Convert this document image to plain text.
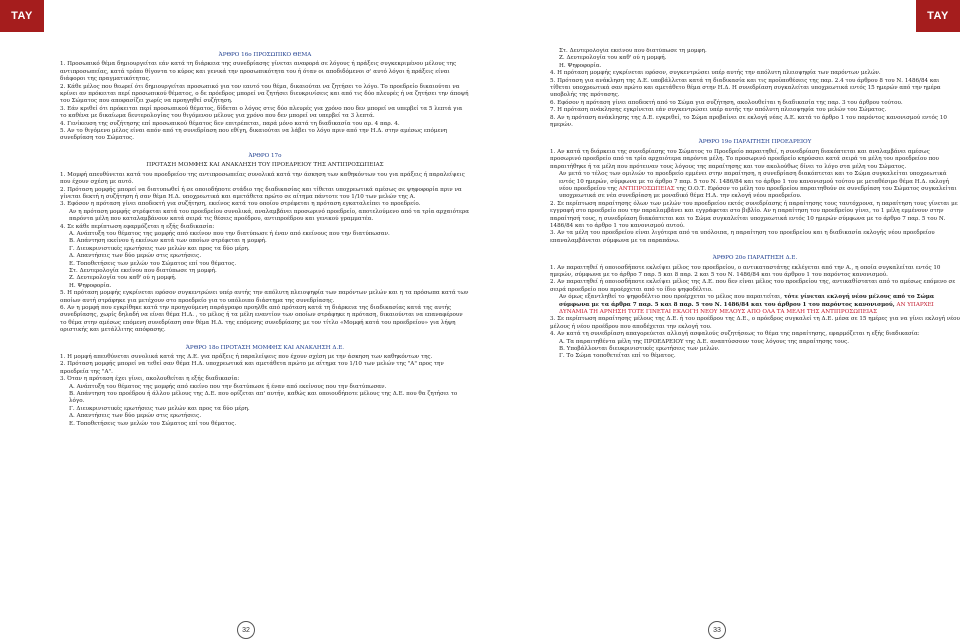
ΤΑΥ	ΤΑΥ
ΆΡΘΡΟ 16ο ΠΡΟΣΩΠΙΚΟ ΘΕΜΑ

1. Προσωπικό θέμα δημιουργείται εάν κατά τη διάρκεια της συνεδρίασης γίνεται αναφορά σε λόγους ή πράξεις συγκεκριμένου μέλους της αντιπροσωπείας, κατά τρόπο θίγοντα το κύρος και γενικά την προσωπικότητα του ή όταν οι αποδιδόμενοι σ' αυτό λόγοι ή πράξεις είναι διάφοροι της πραγματικότητας.

2. Κάθε μέλος που θεωρεί ότι δημιουργείται προσωπικό για τον εαυτό του θέμα, δικαιούται να ζητήσει το λόγο. Το προεδρείο δικαιούται να κρίνει αν πρόκειται περί προσωπικού θέματος, ο δε πρόεδρος μπορεί να ζητήσει διευκρινίσεις και από τις δύο πλευρές ή να ζητήσει την άποψή του Σώματος που αποφασίζει χωρίς να προηγηθεί συζήτηση.

3. Εάν κριθεί ότι πρόκειται περί προσωπικού θέματος, δίδεται ο λόγος στις δύο πλευρές για χρόνο που δεν μπορεί να υπερβεί τα 5 λεπτά για το καθένα με δικαίωμα δευτερολογίας του θιγόμενου μέλους για χρόνο που δεν μπορεί να υπερβεί τα 3 λεπτά.

4. Γενίκευση της συζήτησης επί προσωπικού θέματος δεν επιτρέπεται, παρά μόνο κατά τη διαδικασία του αρ. 4 παρ. 4.

5. Αν το θιγόμενο μέλος είναι απόν από τη συνεδρίαση που εθίγη, δικαιούται να λάβει το λόγο πριν από την Η.Δ. στην αμέσως επόμενη συνεδρίαση του Σώματος.

ΆΡΘΡΟ 17ο
ΠΡΟΤΑΣΗ ΜΟΜΦΗΣ ΚΑΙ ΑΝΑΚΛΗΣΗ ΤΟΥ ΠΡΟΕΔΡΕΙΟΥ ΤΗΣ ΑΝΤΙΠΡΟΣΩΠΕΙΑΣ

1. Μομφή απευθύνεται κατά του προεδρείου της αντιπροσωπείας συνολικά κατά την άσκηση των καθηκόντων του για πράξεις ή παραλείψεις που έχουν σχέση με αυτό.

2. Πρόταση μομφής μπορεί να διατυπωθεί ή σε οποιοδήποτε στάδιο της διαδικασίας και τίθεται υποχρεωτικά αμέσως σε ψηφοφορία πριν να γίνεται δεκτή η συζήτηση ή σαν θέμα Η.Δ. υποχρεωτικά και αμετάθετα πρώτο σε αίτημα πάντοτε του 1/10 των μελών της Α.

3. Εφόσον η πρόταση γίνει αποδεκτή για συζήτηση, εκείνος κατά του οποίου στρέφεται η πρόταση εγκαταλείπει το προεδρείο.

Αν η πρόταση μομφής στρέφεται κατά του προεδρείου συνολικά, αναλαμβάνει προσωρινό προεδρείο, αποτελούμενο από τα τρία αρχαιότερα παρόντα μέλη που καταλαμβάνουν κατά σειρά τις θέσεις προέδρου, αντιπροέδρου και γενικού γραμματέα.

4. Σε κάθε περίπτωση εφαρμόζεται η εξής διαδικασία:

Α. Ανάπτυξη του θέματος της μομφής από εκείνον που την διατύπωσε ή έναν από εκείνους που την διατύπωσαν.

Β. Απάντηση εκείνου ή εκείνων κατά των οποίων στρέφεται η μομφή.

Γ. Διευκρινιστικές ερωτήσεις των μελών και προς τα δύο μέρη.

Δ. Απαντήσεις των δύο μερών στις ερωτήσεις.

Ε. Τοποθετήσεις των μελών του Σώματος επί του θέματος.

Στ. Δευτερολογία εκείνου που διατύπωσε τη μομφή.

Ζ. Δευτερολογία του καθ' ού η μομφή.

Η. Ψηφοφορία.

5. Η πρόταση μομφής εγκρίνεται εφόσον συγκεντρώνει υπέρ αυτής την απόλυτη πλειοψηφία των παρόντων μελών και η τα πρόσωπα κατά των οποίων αυτή στράφηκε για μετέχουν στο προεδρείο για το υπόλοιπο διάστημα της συνεδρίασης.

6. Αν η μομφή που εγκρίθηκε κατά την προηγούμενη παράγραφο προηλθε από πρόταση κατά τη διάρκεια της διαδικασίας κατά της αυτής συνεδρίασης, χωρίς δηλαδή να είναι θέμα Η.Δ. , το μέλος ή τα μέλη εναντίον των οποίων στράφηκε η πρόταση, δικαιούνται να επαναφέρουν το θέμα στην αμέσως επόμενη συνεδρίαση σαν θέμα Η.Δ. της επόμενης συνεδρίασης με τον τίτλο «Μομφή κατά του προεδρείου» για λήψη οριστικής και μετάλλιτης απόφασης.

ΆΡΘΡΟ 18ο ΠΡΟΤΑΣΗ ΜΟΜΦΗΣ ΚΑΙ ΑΝΑΚΛΗΣΗ Δ.Ε.

1. Η μομφή απευθύνεται συνολικά κατά της Δ.Ε. για πράξεις ή παραλείψεις που έχουν σχέση με την άσκηση των καθηκόντων της.

2. Πρόταση μομφής μπορεί να τεθεί σαν θέμα Η.Δ. υποχρεωτικά και αμετάθετα πρώτο με αίτημα του 1/10 των μελών της "Α" προς την προεδρεία της "Α".

3. Όταν η πρόταση έχει γίνει, ακολουθείται η εξής διαδικασία:

Α. Ανάπτυξη του θέματος της μομφής από εκείνο που την διατύπωσε ή έναν από εκείνους που την διατύπωσαν.

Β. Απάντηση του προέδρου ή άλλου μέλους της Δ.Ε. που ορίζεται απ' αυτήν, καθώς και οποιουδήποτε μέλους της Δ.Ε. που θα ζητήσει το λόγο.

Γ. Διευκρινιστικές ερωτήσεις των μελών και προς τα δύο μέρη.

Δ. Απαντήσεις των δύο μερών στις ερωτήσεις.

Ε. Τοποθετήσεις των μελών του Σώματος επί του θέματος.

Στ. Δευτερολογία εκείνου που διατύπωσε τη μομφή.

Ζ. Δευτερολογία του καθ' ού η μομφή.

Η. Ψηφοφορία.

4. Η πρόταση μομφής εγκρίνεται εφόσον, συγκεντρώσει υπέρ αυτής την απόλυτη πλειοψηφία των παρόντων μελών.

5. Πρόταση για ανάκληση της Δ.Ε. υποβάλλεται κατά τη διαδικασία και τις προϋποθέσεις της παρ. 2.4 του άρθρου 8 του Ν. 1486/84 και τίθεται υποχρεωτικά σαν πρώτο και αμετάθετο θέμα στην Η.Δ. Η συνεδρίαση συγκαλείται υποχρεωτικά εντός 15 ημερών από την ημέρα υποβολής της πρότασης.

6. Εφόσον η πρόταση γίνει αποδεκτή από το Σώμα για συζήτηση, ακολουθείται η διαδικασία της παρ. 3 του άρθρου τούτου.

7. Η πρόταση ανάκλησης εγκρίνεται εάν συγκεντρώσει υπέρ αυτής την απόλυτη πλειοψηφία του μελών του Σώματος.

8. Αν η πρόταση ανάκλησης της Δ.Ε. εγκριθεί, το Σώμα προβαίνει σε εκλογή νέας Δ.Ε. κατά το άρθρο 1 του παρόντος κανονισμού εντός 10 ημερών.

ΆΡΘΡΟ 19ο ΠΑΡΑΙΤΗΣΗ ΠΡΟΕΔΡΕΙΟΥ

1. Αν κατά τη διάρκεια της συνεδρίασης του Σώματος το Προεδρείο παραιτηθεί, η συνεδρίαση διακόπτεται και αναλαμβάνει αμέσως προσωρινό προεδρείο από τα τρία αρχαιότερα παρόντα μέλη. Το προσωρινό προεδρείο κηρύσσει κατά σειρά τα μέλη του προεδρείου που παραιτήθηκε ή τα μέλη που πρότειναν τους λόγους της παραίτησης και τον ακολούθως δίνει το λόγο στα μέλη του Σώματος.

Αν μετά το τέλος των ομιλιών το προεδρείο εμμένει στην παραίτηση, η συνεδρίαση διακόπτεται και το Σώμα συγκαλείται υποχρεωτικά εντός 10 ημερών, σύμφωνα με το άρθρο 7 παρ. 5 του Ν. 1486/84 και το άρθρο 1 του κανονισμού τούτου με μεταθέσιμο θέμα Η.Δ. εκλογή νέου προεδρείου της ΑΝΤΙΠΡΟΣΩΠΕΙΑΣ της Ο.Ο.Τ. Εφόσον το μέλη του προεδρείου παραιτηθούν σε συνεδρίαση του Σώματος συγκαλείται υποχρεωτικά σε νέα συνεδρίαση με μοναδικό θέμα Η.Δ. την εκλογή νέου προεδρείου.

2. Σε περίπτωση παραίτησης όλων των μελών του προεδρείου εκτός συνεδρίασης ή παραίτησης τους ταυτόχρονα, η παραίτηση τους γίνεται με εγγραφή στο προεδρείο που την παραλαμβάνει και εγγράφεται στο βιβλίο. Αν η παραίτηση του προεδρείου γίνει, το 1 μέλη εμμένουν στην παραίτησή τους, η συνεδρίαση διακόπτεται και το Σώμα συγκαλείται υποχρεωτικά εντός 10 ημερών σύμφωνα με το άρθρο 7 παρ. 5 του Ν. 1486/84 και το άρθρο 1 του κανονισμού αυτού.

3. Αν τα μέλη του προεδρείου είναι λιγότερα από τα υπόλοιπα, η παραίτηση του προεδρείου και η διαδικασία εκλογής νέου προεδρείου επαναλαμβάνεται σύμφωνα με τα παραπάνω.

ΆΡΘΡΟ 20ο ΠΑΡΑΙΤΗΣΗ Δ.Ε.

1. Αν παραιτηθεί ή οποιοσδήποτε εκλείψει μέλος του προεδρείου, ο αντικαταστάτης εκλέγεται από την Α., η οποία συγκαλείται εντός 10 ημερών, σύμφωνα με το άρθρο 7 παρ. 5 και 8 παρ. 2 και 5 του Ν. 1486/84 και του άρθρου 1 του παρόντος κανονισμού.

2. Αν παραιτηθεί ή οποιοσδήποτε εκλείψει μέλος της Δ.Ε. που δεν είναι μέλος του προεδρείου της, αντικαθίσταται από το αμέσως επόμενο σε σειρά προεδρείο που προέρχεται από το ίδιο ψηφοδέλτιο.

Αν όμως εξαντληθεί το ψηφοδέλτιο που προέρχεται το μέλος που παραιτείται, τότε γίνεται εκλογή νέου μέλους από το Σώμα σύμφωνα με τα άρθρα 7 παρ. 5 και 8 παρ. 5 του Ν. 1486/84 και του άρθρου 1 του παρόντος κανονισμού, ΑΝ ΥΠΑΡΧΕΙ ΔΥΝΑΜΙΑ ΤΗ ΑΡΝΗΣΗ ΤΟΤΕ ΓΙΝΕΤΑΙ ΕΚΛΟΓΗ ΝΕΟΥ ΜΕΛΟΥΣ ΑΠΟ ΟΛΑ ΤΑ ΜΕΛΗ ΤΗΣ ΑΝΤΙΠΡΟΣΩΠΕΙΑΣ

3. Σε περίπτωση παραίτησης μέλους της Δ.Ε. ή του προέδρου της Δ.Ε., ο πρόεδρος συγκαλεί τη Δ.Ε. μέσα σε 15 ημέρες για να γίνει εκλογή νέου μέλους ή νέου προέδρου που αποδέχεται την εκλογή του.

4. Αν κατά τη συνεδρίαση απαγορεύεται αλλαγή ασφαλούς συζητήσεως το θέμα της παραίτησης, εφαρμόζεται η εξής διαδικασία:

Α. Τα παραιτηθέντα μέλη της ΠΡΟΕΔΡΕΙΟΥ της Δ.Ε. αναπτύσσουν τους λόγους της παραίτησης τους.

Β. Υποβάλλονται διευκρινιστικές ερωτήσεις των μελών.

Γ. Το Σώμα τοποθετείται επί το θέματος.

32	33
